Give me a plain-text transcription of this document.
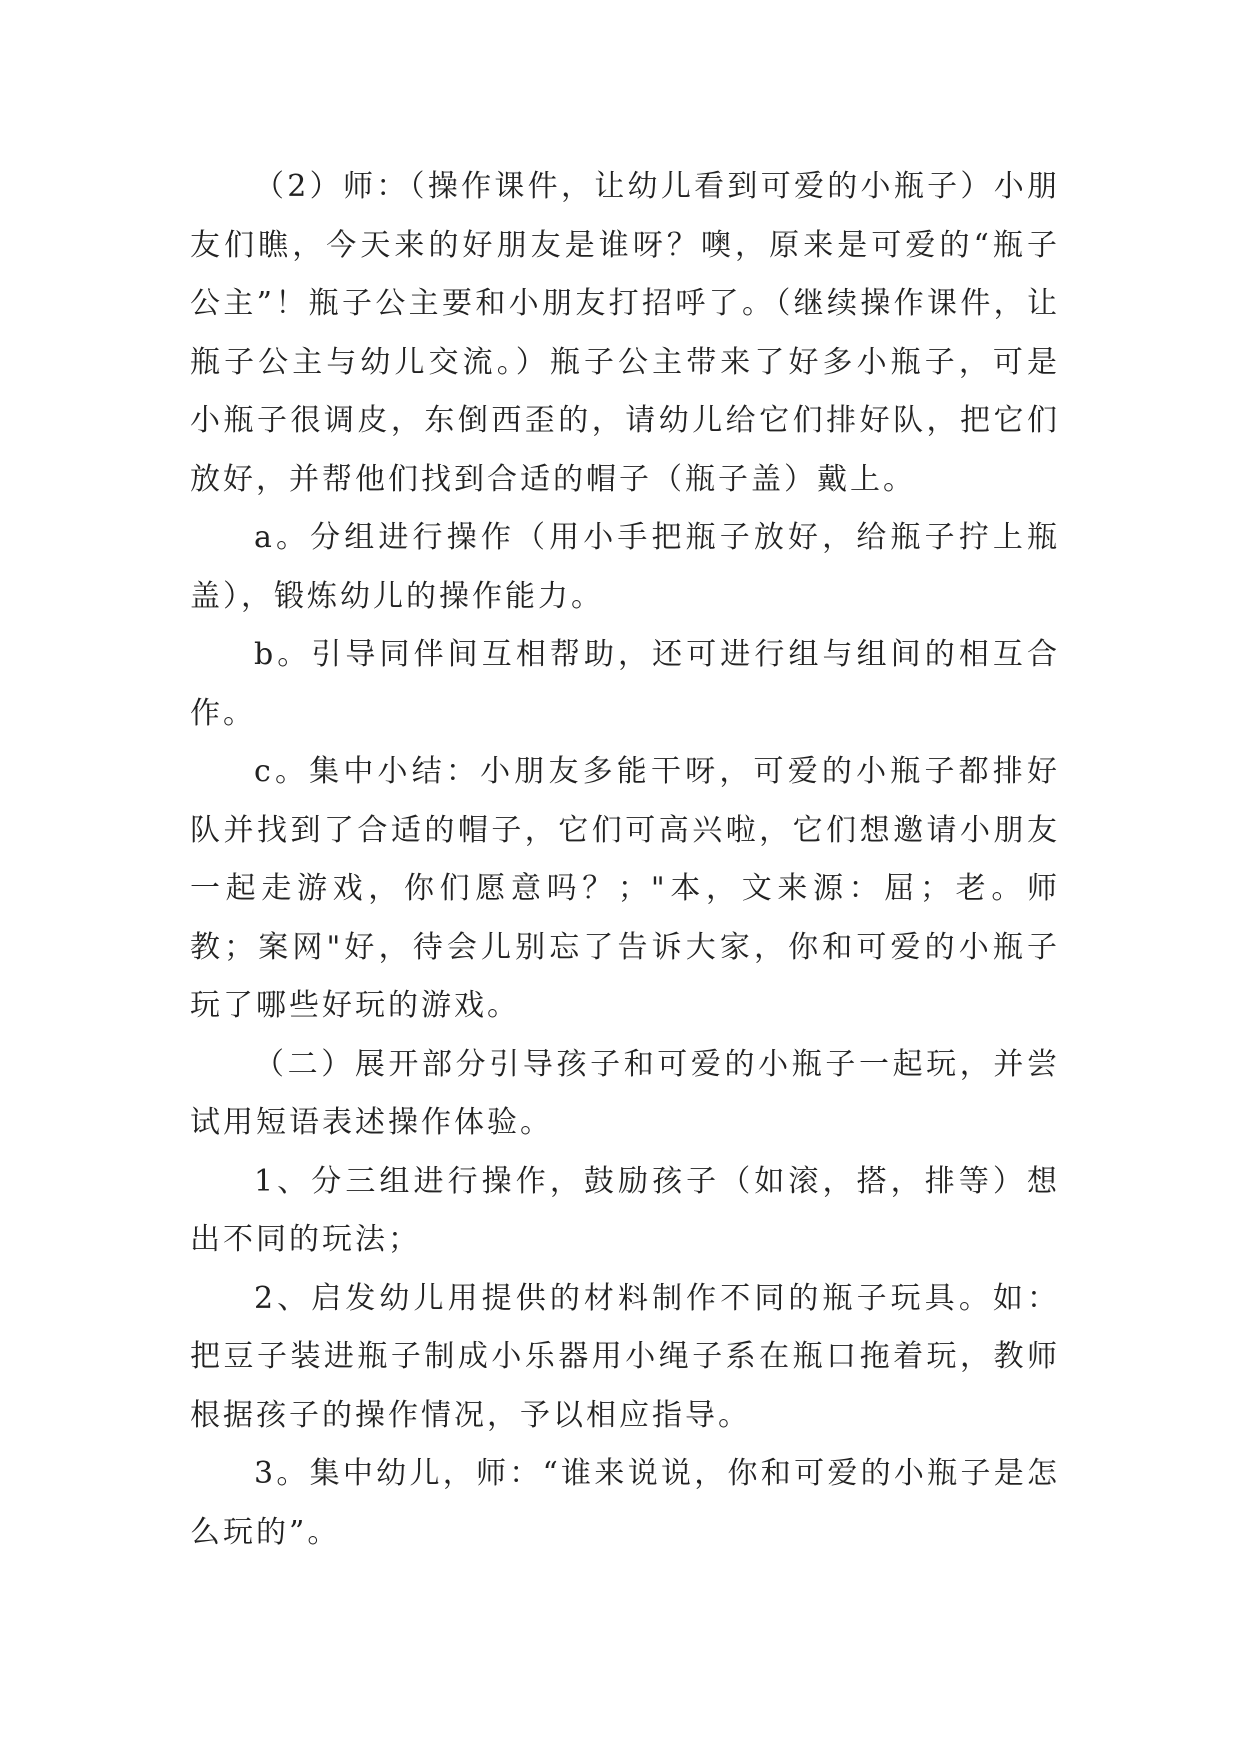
（2）师：（操作课件，让幼儿看到可爱的小瓶子）小朋友们瞧，今天来的好朋友是谁呀？噢，原来是可爱的“瓶子公主”！瓶子公主要和小朋友打招呼了。（继续操作课件，让瓶子公主与幼儿交流。）瓶子公主带来了好多小瓶子，可是小瓶子很调皮，东倒西歪的，请幼儿给它们排好队，把它们放好，并帮他们找到合适的帽子（瓶子盖）戴上。

a。分组进行操作（用小手把瓶子放好，给瓶子拧上瓶盖），锻炼幼儿的操作能力。

b。引导同伴间互相帮助，还可进行组与组间的相互合作。

c。集中小结：小朋友多能干呀，可爱的小瓶子都排好队并找到了合适的帽子，它们可高兴啦，它们想邀请小朋友一起走游戏，你们愿意吗？；"本，文来源：屈；老。师教；案网"好，待会儿别忘了告诉大家，你和可爱的小瓶子玩了哪些好玩的游戏。

（二）展开部分引导孩子和可爱的小瓶子一起玩，并尝试用短语表述操作体验。

1、分三组进行操作，鼓励孩子（如滚，搭，排等）想出不同的玩法；

2、启发幼儿用提供的材料制作不同的瓶子玩具。如：把豆子装进瓶子制成小乐器用小绳子系在瓶口拖着玩，教师根据孩子的操作情况，予以相应指导。

3。集中幼儿，师：“谁来说说，你和可爱的小瓶子是怎么玩的”。
